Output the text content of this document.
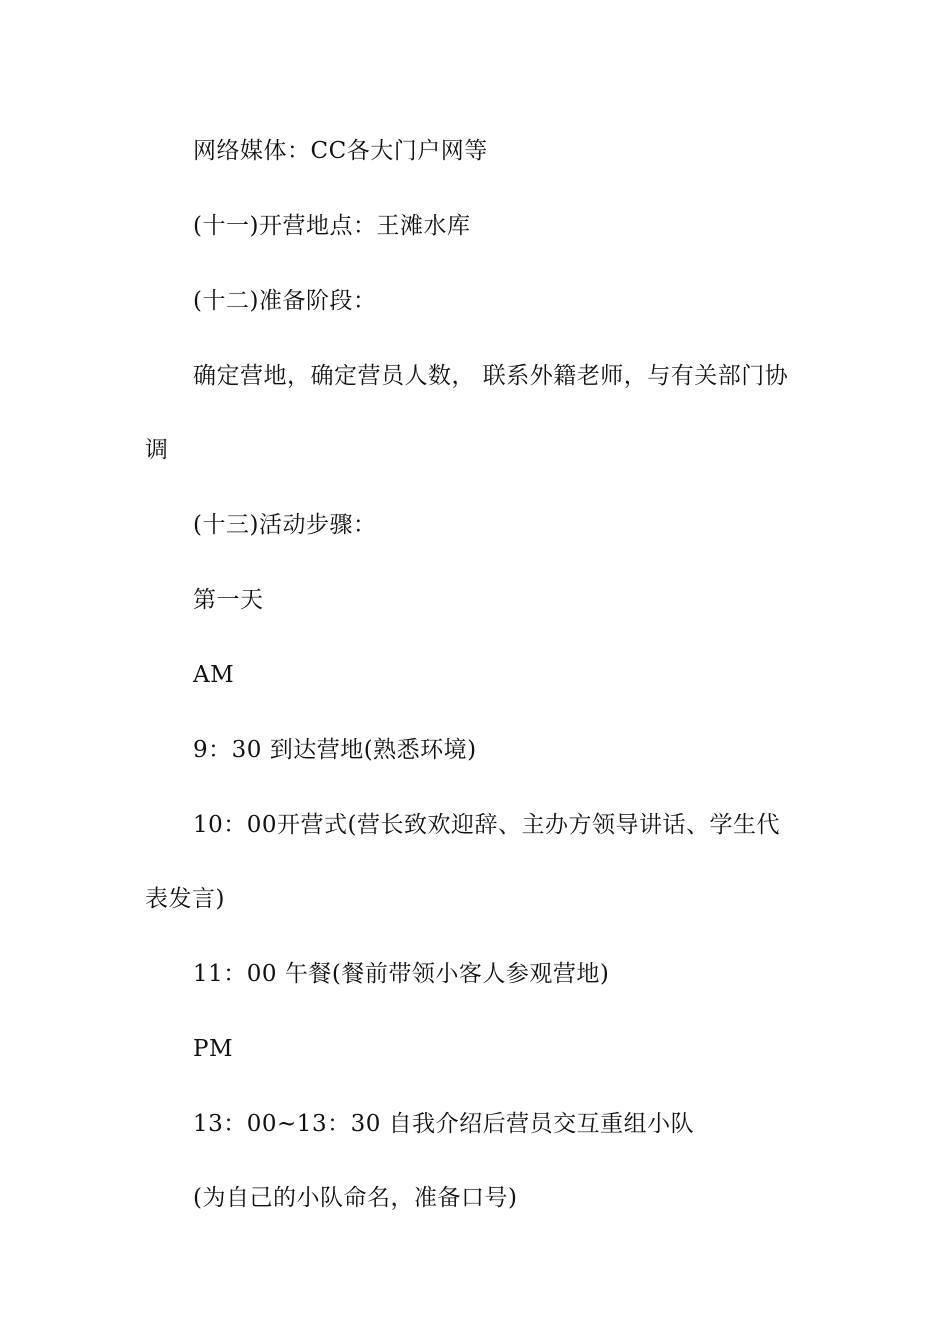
网络媒体：CC各大门户网等
(十一)开营地点：王滩水库
(十二)准备阶段：
确定营地，确定营员人数， 联系外籍老师，与有关部门协
调
(十三)活动步骤：
第一天
AM
9：30 到达营地(熟悉环境)
10：00开营式(营长致欢迎辞、主办方领导讲话、学生代
表发言)
11：00 午餐(餐前带领小客人参观营地)
PM
13：00~13：30 自我介绍后营员交互重组小队
(为自己的小队命名，准备口号)
